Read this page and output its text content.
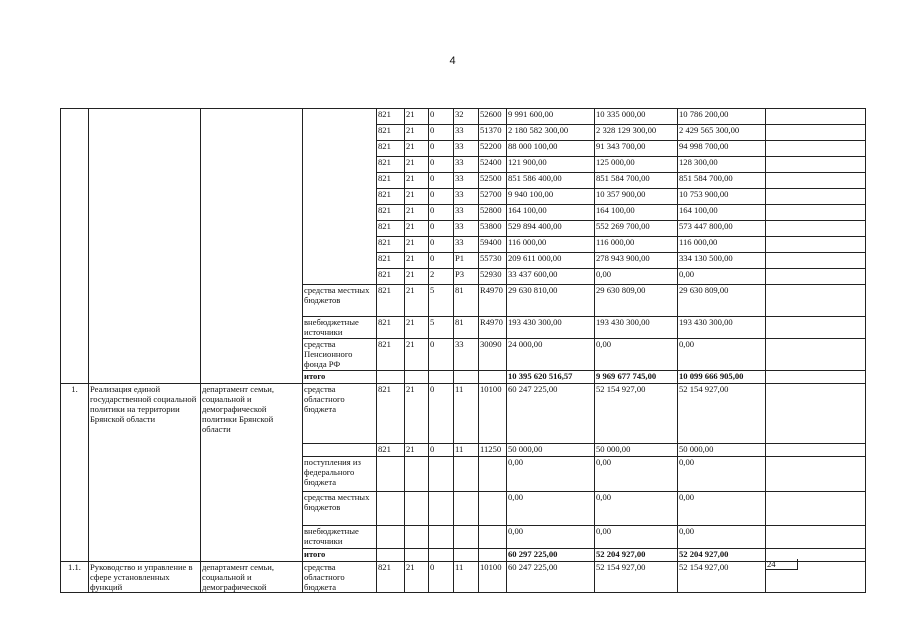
4
				821	21	0	32	52600	9 991 600,00	10 335 000,00	10 786 200,00	
				821	21	0	33	51370	2 180 582 300,00	2 328 129 300,00	2 429 565 300,00	
				821	21	0	33	52200	88 000 100,00	91 343 700,00	94 998 700,00	
				821	21	0	33	52400	121 900,00	125 000,00	128 300,00	
				821	21	0	33	52500	851 586 400,00	851 584 700,00	851 584 700,00	
				821	21	0	33	52700	9 940 100,00	10 357 900,00	10 753 900,00	
				821	21	0	33	52800	164 100,00	164 100,00	164 100,00	
				821	21	0	33	53800	529 894 400,00	552 269 700,00	573 447 800,00	
				821	21	0	33	59400	116 000,00	116 000,00	116 000,00	
				821	21	0	P1	55730	209 611 000,00	278 943 900,00	334 130 500,00	
				821	21	2	P3	52930	33 437 600,00	0,00	0,00	
			средства местных бюджетов	821	21	5	81	R4970	29 630 810,00	29 630 809,00	29 630 809,00	
			внебюджетные источники	821	21	5	81	R4970	193 430 300,00	193 430 300,00	193 430 300,00	
			средства Пенсионного фонда РФ	821	21	0	33	30090	24 000,00	0,00	0,00	
			итого						10 395 620 516,57	9 969 677 745,00	10 099 666 905,00	
1.	Реализация единой государственной социальной политики на территории Брянской области	департамент семьи, социальной и демографической политики Брянской области	средства областного бюджета	821	21	0	11	10100	60 247 225,00	52 154 927,00	52 154 927,00	
				821	21	0	11	11250	50 000,00	50 000,00	50 000,00	
			поступления из федерального бюджета						0,00	0,00	0,00	
			средства местных бюджетов						0,00	0,00	0,00	
			внебюджетные источники						0,00	0,00	0,00	
			итого						60 297 225,00	52 204 927,00	52 204 927,00	
1.1.	Руководство и управление в сфере установленных функций	департамент семьи, социальной и демографической	средства областного бюджета	821	21	0	11	10100	60 247 225,00	52 154 927,00	52 154 927,00		24
